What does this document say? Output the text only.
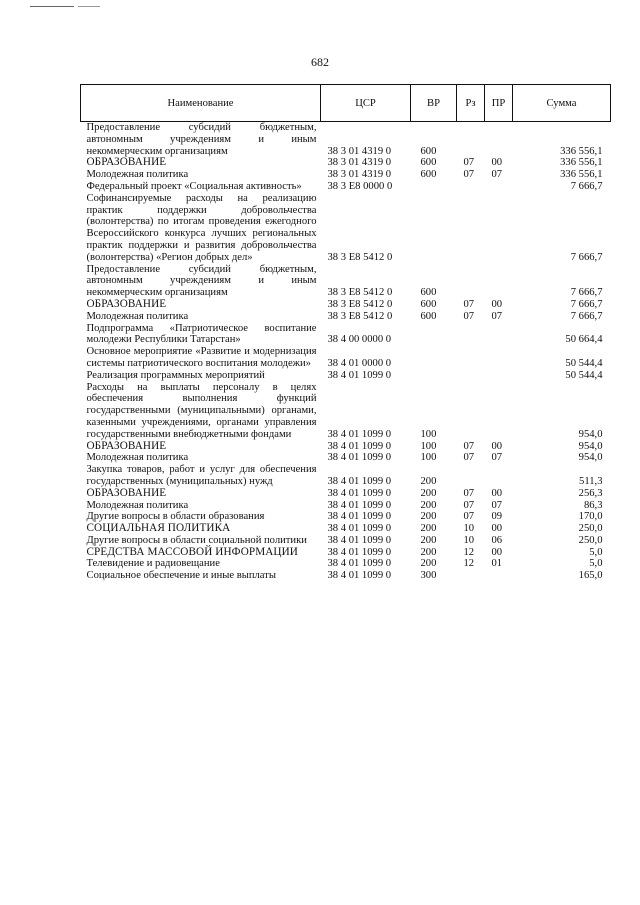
682
Наименование	ЦСР	ВР	Рз	ПР	Сумма
Предоставление субсидий бюджетным, автономным учреждениям и иным некоммерческим организациям	38 3 01 4319 0	600			336 556,1
ОБРАЗОВАНИЕ	38 3 01 4319 0	600	07	00	336 556,1
Молодежная политика	38 3 01 4319 0	600	07	07	336 556,1
Федеральный проект «Социальная активность»	38 3 E8 0000 0				7 666,7
Софинансируемые расходы на реализацию практик поддержки добровольчества (волонтерства) по итогам проведения ежегодного Всероссийского конкурса лучших региональных практик поддержки и развития добровольчества (волонтерства) «Регион добрых дел»	38 3 E8 5412 0				7 666,7
Предоставление субсидий бюджетным, автономным учреждениям и иным некоммерческим организациям	38 3 E8 5412 0	600			7 666,7
ОБРАЗОВАНИЕ	38 3 E8 5412 0	600	07	00	7 666,7
Молодежная политика	38 3 E8 5412 0	600	07	07	7 666,7
Подпрограмма «Патриотическое воспитание молодежи Республики Татарстан»	38 4 00 0000 0				50 664,4
Основное мероприятие «Развитие и модернизация системы патриотического воспитания молодежи»	38 4 01 0000 0				50 544,4
Реализация программных мероприятий	38 4 01 1099 0				50 544,4
Расходы на выплаты персоналу в целях обеспечения выполнения функций государственными (муниципальными) органами, казенными учреждениями, органами управления государственными внебюджетными фондами	38 4 01 1099 0	100			954,0
ОБРАЗОВАНИЕ	38 4 01 1099 0	100	07	00	954,0
Молодежная политика	38 4 01 1099 0	100	07	07	954,0
Закупка товаров, работ и услуг для обеспечения государственных (муниципальных) нужд	38 4 01 1099 0	200			511,3
ОБРАЗОВАНИЕ	38 4 01 1099 0	200	07	00	256,3
Молодежная политика	38 4 01 1099 0	200	07	07	86,3
Другие вопросы в области образования	38 4 01 1099 0	200	07	09	170,0
СОЦИАЛЬНАЯ ПОЛИТИКА	38 4 01 1099 0	200	10	00	250,0
Другие вопросы в области социальной политики	38 4 01 1099 0	200	10	06	250,0
СРЕДСТВА МАССОВОЙ ИНФОРМАЦИИ	38 4 01 1099 0	200	12	00	5,0
Телевидение и радиовещание	38 4 01 1099 0	200	12	01	5,0
Социальное обеспечение и иные выплаты	38 4 01 1099 0	300			165,0
